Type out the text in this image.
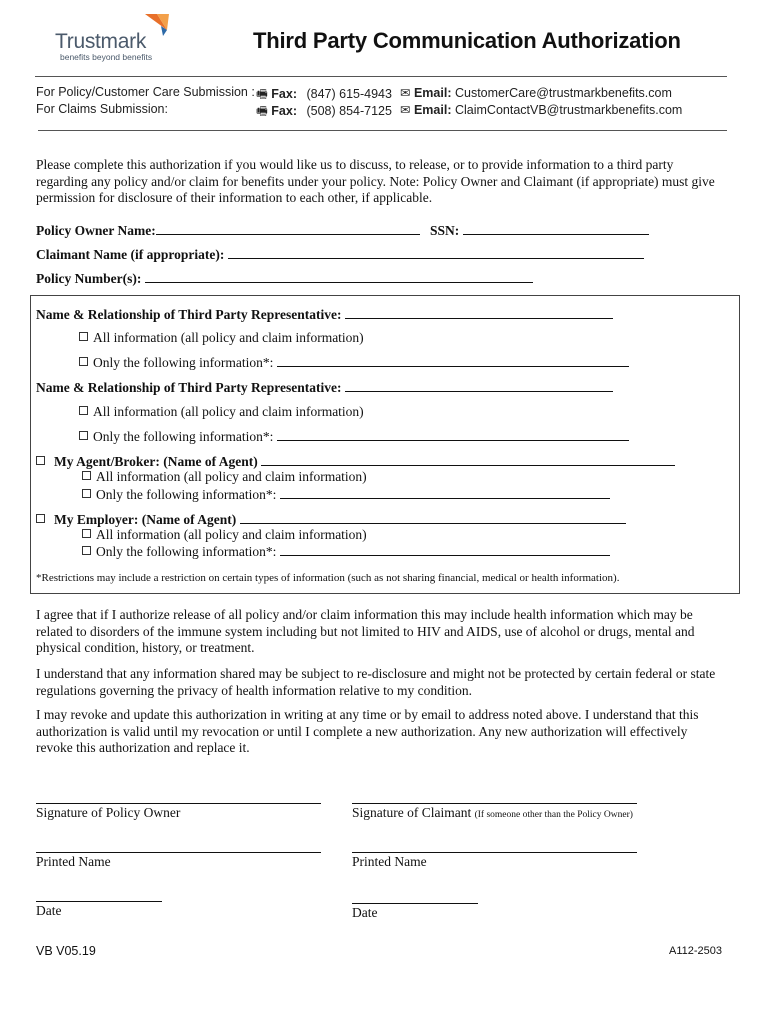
Trustmark
benefits beyond benefits
Third Party Communication Authorization
For Policy/Customer Care Submission : 🖷 Fax: (847) 615-4943 ✉ Email: CustomerCare@trustmarkbenefits.com
For Claims Submission:	🖷 Fax: (508) 854-7125 ✉ Email: ClaimContactVB@trustmarkbenefits.com
Please complete this authorization if you would like us to discuss, to release, or to provide information to a third party regarding any policy and/or claim for benefits under your policy. Note: Policy Owner and Claimant (if appropriate) must give permission for disclosure of their information to each other, if applicable.
Policy Owner Name:	SSN:
Claimant Name (if appropriate):
Policy Number(s):
Name & Relationship of Third Party Representative:
All information (all policy and claim information)
Only the following information*:
Name & Relationship of Third Party Representative:
All information (all policy and claim information)
Only the following information*:
My Agent/Broker: (Name of Agent)
All information (all policy and claim information)
Only the following information*:
My Employer: (Name of Agent)
All information (all policy and claim information)
Only the following information*:
*Restrictions may include a restriction on certain types of information (such as not sharing financial, medical or health information).
I agree that if I authorize release of all policy and/or claim information this may include health information which may be related to disorders of the immune system including but not limited to HIV and AIDS, use of alcohol or drugs, mental and physical condition, history, or treatment.
I understand that any information shared may be subject to re-disclosure and might not be protected by certain federal or state regulations governing the privacy of health information relative to my condition.
I may revoke and update this authorization in writing at any time or by email to address noted above. I understand that this authorization is valid until my revocation or until I complete a new authorization. Any new authorization will effectively revoke this authorization and replace it.
Signature of Policy Owner	Signature of Claimant (If someone other than the Policy Owner)
Printed Name	Printed Name
Date	Date
VB V05.19	A112-2503
